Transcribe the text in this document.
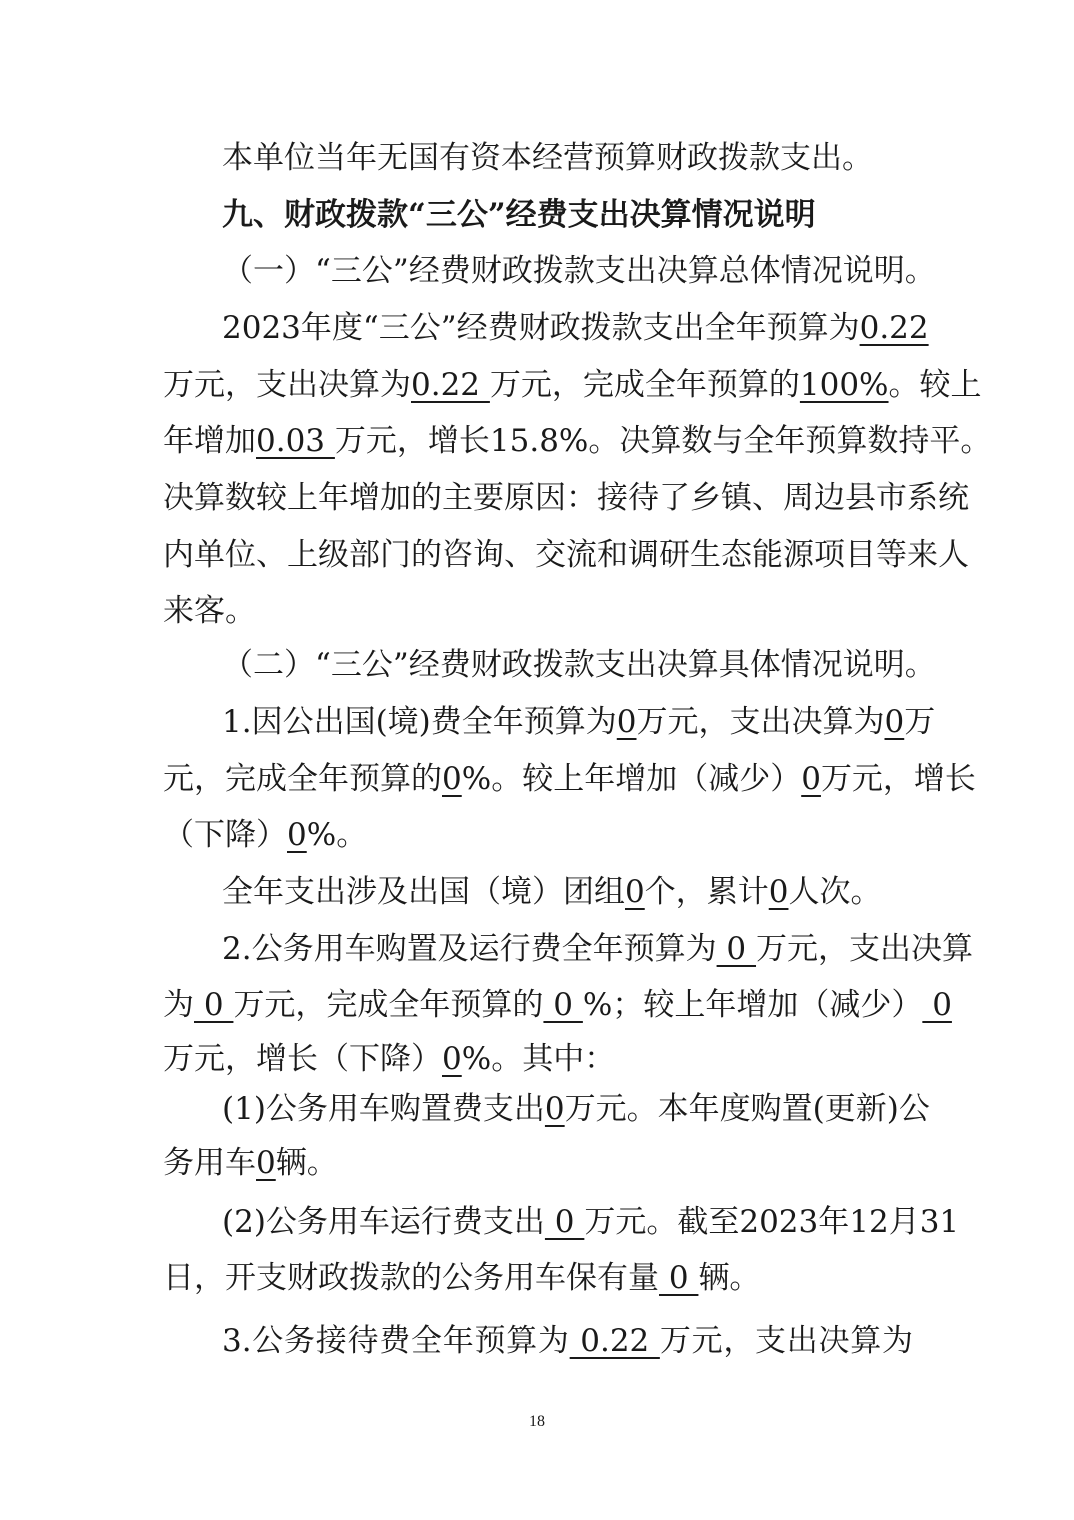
本单位当年无国有资本经营预算财政拨款支出。
九、财政拨款“三公”经费支出决算情况说明
（一）“三公”经费财政拨款支出决算总体情况说明。
2023年度“三公”经费财政拨款支出全年预算为0.22
万元，支出决算为0.22 万元，完成全年预算的100%。较上
年增加0.03 万元，增长15.8%。决算数与全年预算数持平。
决算数较上年增加的主要原因：接待了乡镇、周边县市系统
内单位、上级部门的咨询、交流和调研生态能源项目等来人
来客。
（二）“三公”经费财政拨款支出决算具体情况说明。
1.因公出国(境)费全年预算为0万元，支出决算为0万
元，完成全年预算的0%。较上年增加（减少）0万元，增长
（下降）0%。
全年支出涉及出国（境）团组0个，累计0人次。
2.公务用车购置及运行费全年预算为 0 万元，支出决算
为 0 万元，完成全年预算的 0 %；较上年增加（减少） 0
万元，增长（下降）0%。其中：
(1)公务用车购置费支出0万元。本年度购置(更新)公
务用车0辆。
(2)公务用车运行费支出 0 万元。截至2023年12月31
日，开支财政拨款的公务用车保有量 0 辆。
3.公务接待费全年预算为 0.22 万元，支出决算为
18
